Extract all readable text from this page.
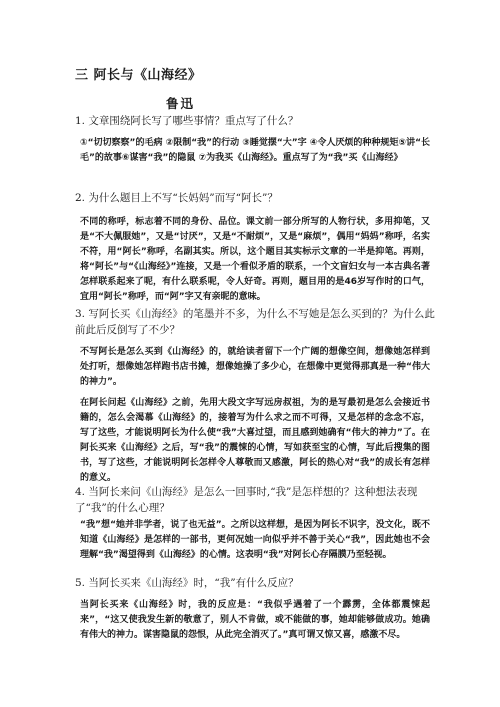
三 阿长与《山海经》
鲁迅
1. 文章围绕阿长写了哪些事情？重点写了什么？

①“切切察察”的毛病 ②限制“我”的行动 ③睡觉摆“大”字 ④令人厌烦的种种规矩⑤讲“长毛”的故事⑥谋害“我”的隐鼠 ⑦为我买《山海经》。重点写了为“我”买《山海经》

2. 为什么题目上不写“长妈妈”而写“阿长”？

不同的称呼，标志着不同的身份、品位。课文前一部分所写的人物行状，多用抑笔，又是“不大佩服她”，又是“讨厌”，又是“不耐烦”，又是“麻烦”，偶用“妈妈”称呼，名实不符，用“阿长”称呼，名副其实。所以，这个题目其实标示文章的一半是抑笔。再则，将“阿长”与“《山海经》”连接，又是一个看似矛盾的联系，一个文盲妇女与一本古典名著怎样联系起来了呢，有什么联系呢，令人好奇。再则，题目用的是46岁写作时的口气，宜用“阿长”称呼，而“阿”字又有亲昵的意味。

3. 写阿长买《山海经》的笔墨并不多，为什么不写她是怎么买到的？为什么此前此后反倒写了不少？

不写阿长是怎么买到《山海经》的，就给读者留下一个广阔的想像空间，想像她怎样到处打听，想像她怎样跑书店书摊，想像她操了多少心，在想像中更觉得那真是一种“伟大的神力”。

在阿长问起《山海经》之前，先用大段文字写远房叔祖，为的是写最初是怎么会接近书籍的，怎么会渴慕《山海经》的，接着写为什么求之而不可得，又是怎样的念念不忘，写了这些，才能说明阿长为什么使“我”大喜过望，而且感到她确有“伟大的神力”了。在阿长买来《山海经》之后，写“我”的震悚的心情，写如获至宝的心情，写此后搜集的图书，写了这些，才能说明阿长怎样令人尊敬而又感激，阿长的热心对“我”的成长有怎样的意义。

4. 当阿长来问《山海经》是怎么一回事时,“我”是怎样想的？这种想法表现了“我”的什么心理？

“我”想“她并非学者，说了也无益”。之所以这样想，是因为阿长不识字，没文化，既不知道《山海经》是怎样的一部书，更何况她一向似乎并不善于关心“我”，因此她也不会理解“我”渴望得到《山海经》的心情。这表明“我”对阿长心存隔膜乃至轻视。

5. 当阿长买来《山海经》时，“我”有什么反应？

当阿长买来《山海经》时，我的反应是：“我似乎遇着了一个霹雳，全体都震悚起来”，“这又使我发生新的敬意了，别人不肯做，或不能做的事，她却能够做成功。她确有伟大的神力。谋害隐鼠的怨恨，从此完全消灭了。”真可谓又惊又喜，感激不尽。
